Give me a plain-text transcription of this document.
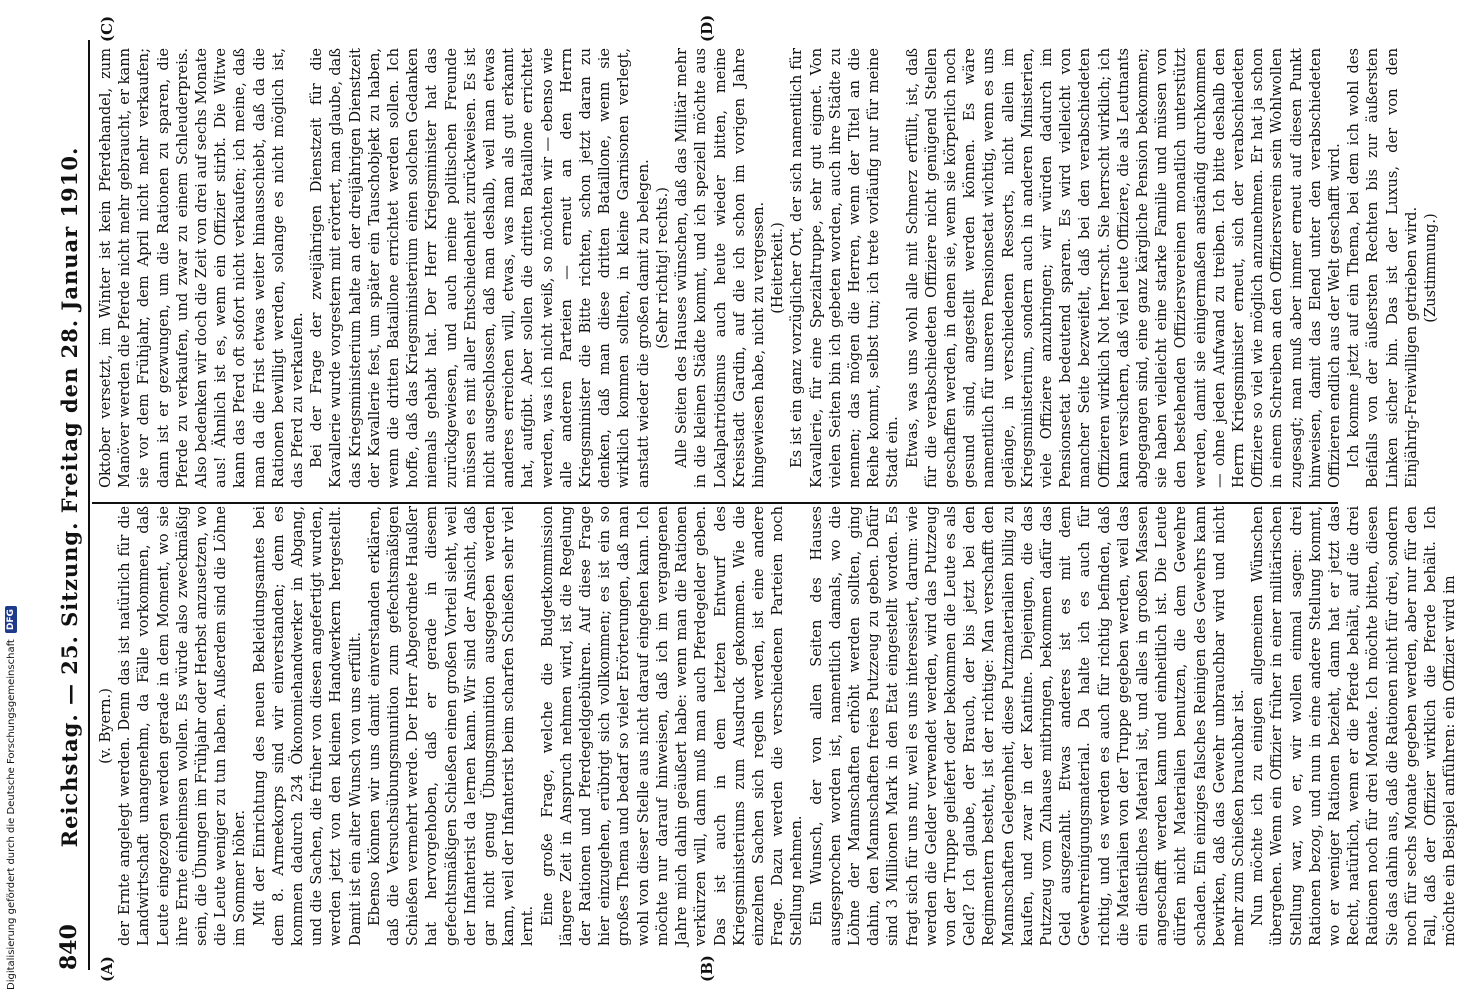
840
Reichstag. — 25. Sitzung. Freitag den 28. Januar 1910.
(A)	(B)
(C)	(D)

(v. Byern.) der Ernte angelegt werden. Denn das ist natürlich für die Landwirtschaft unangenehm, da Fälle vorkommen, daß Leute eingezogen werden gerade in dem Moment, wo sie ihre Ernte einheimsen wollen. Es würde also zweckmäßig sein, die Übungen im Frühjahr oder Herbst anzusetzen, wo die Leute weniger zu tun haben. Außerdem sind die Löhne im Sommer höher. Mit der Einrichtung des neuen Bekleidungsamtes bei dem 8. Armeekorps sind wir einverstanden; denn es kommen dadurch 234 Ökonomiehandwerker in Abgang, und die Sachen, die früher von diesen angefertigt wurden, werden jetzt von den kleinen Handwerkern hergestellt. Damit ist ein alter Wunsch von uns erfüllt. Ebenso können wir uns damit einverstanden erklären, daß die Versuchsübungsmunition zum gefechtsmäßigen Schießen vermehrt werde. Der Herr Abgeordnete Haußler hat hervorgehoben, daß er gerade in diesem gefechtsmäßigen Schießen einen großen Vorteil sieht, weil der Infanterist da lernen kann. Wir sind der Ansicht, daß gar nicht genug Übungsmunition ausgegeben werden kann, weil der Infanterist beim scharfen Schießen sehr viel lernt. Eine große Frage, welche die Budgetkommission längere Zeit in Anspruch nehmen wird, ist die Regelung der Rationen und Pferdegeldgebühren. Auf diese Frage hier einzugehen, erübrigt sich vollkommen; es ist ein so großes Thema und bedarf so vieler Erörterungen, daß man wohl von dieser Stelle aus nicht darauf eingehen kann. Ich möchte nur darauf hinweisen, daß ich im vergangenen Jahre mich dahin geäußert habe: wenn man die Rationen verkürzen will, dann muß man auch Pferdegelder geben. Das ist auch in dem letzten Entwurf des Kriegsministeriums zum Ausdruck gekommen. Wie die einzelnen Sachen sich regeln werden, ist eine andere Frage. Dazu werden die verschiedenen Parteien noch Stellung nehmen. Ein Wunsch, der von allen Seiten des Hauses ausgesprochen worden ist, namentlich damals, wo die Löhne der Mannschaften erhöht werden sollten, ging dahin, den Mannschaften freies Putzzeug zu geben. Dafür sind 3 Millionen Mark in den Etat eingestellt worden. Es fragt sich für uns nur, weil es uns interessiert, darum: wie werden die Gelder verwendet werden, wird das Putzzeug von der Truppe geliefert oder bekommen die Leute es als Geld? Ich glaube, der Brauch, der bis jetzt bei den Regimentern besteht, ist der richtige: Man verschafft den Mannschaften Gelegenheit, diese Putzmaterialien billig zu kaufen, und zwar in der Kantine. Diejenigen, die das Putzzeug vom Zuhause mitbringen, bekommen dafür das Geld ausgezahlt. Etwas anderes ist es mit dem Gewehrreinigungsmaterial. Da halte ich es auch für richtig, und es werden es auch für richtig befinden, daß die Materialien von der Truppe gegeben werden, weil das ein dienstliches Material ist, und alles in großen Massen angeschafft werden kann und einheitlich ist. Die Leute dürfen nicht Materialien benutzen, die dem Gewehre schaden. Ein einziges falsches Reinigen des Gewehrs kann bewirken, daß das Gewehr unbrauchbar wird und nicht mehr zum Schießen brauchbar ist. Nun möchte ich zu einigen allgemeinen Wünschen übergehen. Wenn ein Offizier früher in einer militärischen Stellung war, wo er, wir wollen einmal sagen: drei Rationen bezog, und nun in eine andere Stellung kommt, wo er weniger Rationen bezieht, dann hat er jetzt das Recht, natürlich, wenn er die Pferde behält, auf die drei Rationen noch für drei Monate. Ich möchte bitten, diesen Sie das dahin aus, daß die Rationen nicht für drei, sondern noch für sechs Monate gegeben werden, aber nur für den Fall, daß der Offizier wirklich die Pferde behält. Ich möchte ein Beispiel anführen: ein Offizier wird im

Oktober versetzt, im Winter ist kein Pferdehandel, zum Manöver werden die Pferde nicht mehr gebraucht, er kann sie vor dem Frühjahr, dem April nicht mehr verkaufen; dann ist er gezwungen, um die Rationen zu sparen, die Pferde zu verkaufen, und zwar zu einem Schleuderpreis. Also bedenken wir doch die Zeit von drei auf sechs Monate aus! Ähnlich ist es, wenn ein Offizier stirbt. Die Witwe kann das Pferd oft sofort nicht verkaufen; ich meine, daß man da die Frist etwas weiter hinausschiebt, daß da die Rationen bewilligt werden, solange es nicht möglich ist, das Pferd zu verkaufen. Bei der Frage der zweijährigen Dienstzeit für die Kavallerie wurde vorgestern mit erörtert, man glaube, daß das Kriegsministerium halte an der dreijährigen Dienstzeit der Kavallerie fest, um später ein Tauschobjekt zu haben, wenn die dritten Bataillone errichtet werden sollen. Ich hoffe, daß das Kriegsministerium einen solchen Gedanken niemals gehabt hat. Der Herr Kriegsminister hat das zurückgewiesen, und auch meine politischen Freunde müssen es mit aller Entschiedenheit zurückweisen. Es ist nicht ausgeschlossen, daß man deshalb, weil man etwas anderes erreichen will, etwas, was man als gut erkannt hat, aufgibt. Aber sollen die dritten Bataillone errichtet werden, was ich nicht weiß, so möchten wir — ebenso wie alle anderen Parteien — erneut an den Herrn Kriegsminister die Bitte richten, schon jetzt daran zu denken, daß man diese dritten Bataillone, wenn sie wirklich kommen sollten, in kleine Garnisonen verlegt, anstatt wieder die großen damit zu belegen. (Sehr richtig! rechts.) Alle Seiten des Hauses wünschen, daß das Militär mehr in die kleinen Städte kommt, und ich speziell möchte aus Lokalpatriotismus auch heute wieder bitten, meine Kreisstadt Gardin, auf die ich schon im vorigen Jahre hingewiesen habe, nicht zu vergessen. (Heiterkeit.) Es ist ein ganz vorzüglicher Ort, der sich namentlich für Kavallerie, für eine Spezialtruppe, sehr gut eignet. Von vielen Seiten bin ich gebeten worden, auch ihre Städte zu nennen; das mögen die Herren, wenn der Titel an die Reihe kommt, selbst tun; ich trete vorläufig nur für meine Stadt ein. Etwas, was uns wohl alle mit Schmerz erfüllt, ist, daß für die verabschiedeten Offiziere nicht genügend Stellen geschaffen werden, in denen sie, wenn sie körperlich noch gesund sind, angestellt werden können. Es wäre namentlich für unseren Pensionsetat wichtig, wenn es uns gelänge, in verschiedenen Ressorts, nicht allein im Kriegsministerium, sondern auch in anderen Ministerien, viele Offiziere anzubringen; wir würden dadurch im Pensionsetat bedeutend sparen. Es wird vielleicht von mancher Seite bezweifelt, daß bei den verabschiedeten Offizieren wirklich Not herrscht. Sie herrscht wirklich; ich kann versichern, daß viel leute Offiziere, die als Leutnants abgegangen sind, eine ganz kärgliche Pension bekommen; sie haben vielleicht eine starke Familie und müssen von den bestehenden Offiziersvereinen monatlich unterstützt werden, damit sie einigermaßen anständig durchkommen — ohne jeden Aufwand zu treiben. Ich bitte deshalb den Herrn Kriegsminister erneut, sich der verabschiedeten Offiziere so viel wie möglich anzunehmen. Er hat ja schon in einem Schreiben an den Offiziersverein sein Wohlwollen zugesagt; man muß aber immer erneut auf diesen Punkt hinweisen, damit das Elend unter den verabschiedeten Offizieren endlich aus der Welt geschafft wird. Ich komme jetzt auf ein Thema, bei dem ich wohl des Beifalls von der äußersten Rechten bis zur äußersten Linken sicher bin. Das ist der Luxus, der von den Einjährig-Freiwilligen getrieben wird. (Zustimmung.)

Digitalisierung gefördert durch die Deutsche Forschungsgemeinschaft
DFG
